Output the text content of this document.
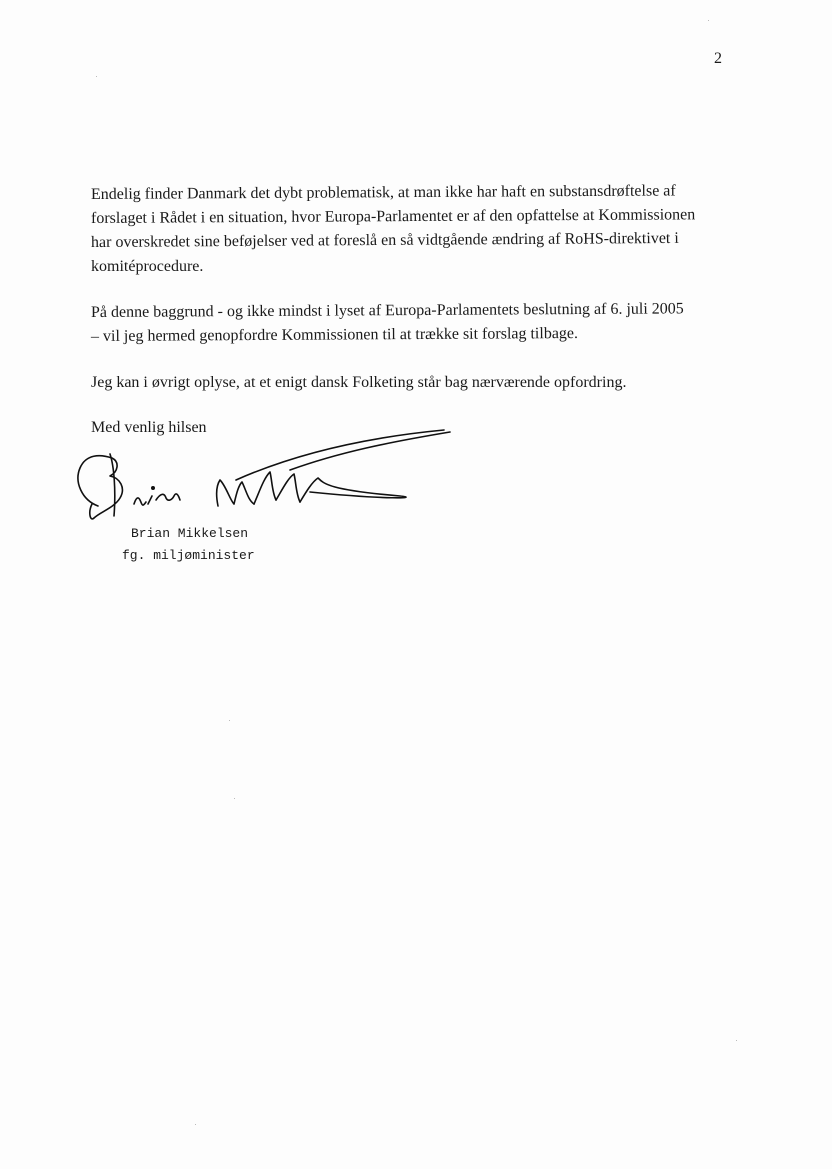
2

Endelig finder Danmark det dybt problematisk, at man ikke har haft en substansdrøftelse af
forslaget i Rådet i en situation, hvor Europa-Parlamentet er af den opfattelse at Kommissionen
har overskredet sine beføjelser ved at foreslå en så vidtgående ændring af RoHS-direktivet i
komitéprocedure.

På denne baggrund - og ikke mindst i lyset af Europa-Parlamentets beslutning af 6. juli 2005
– vil jeg hermed genopfordre Kommissionen til at trække sit forslag tilbage.

Jeg kan i øvrigt oplyse, at et enigt dansk Folketing står bag nærværende opfordring.

Med venlig hilsen
Brian Mikkelsen
fg. miljøminister
